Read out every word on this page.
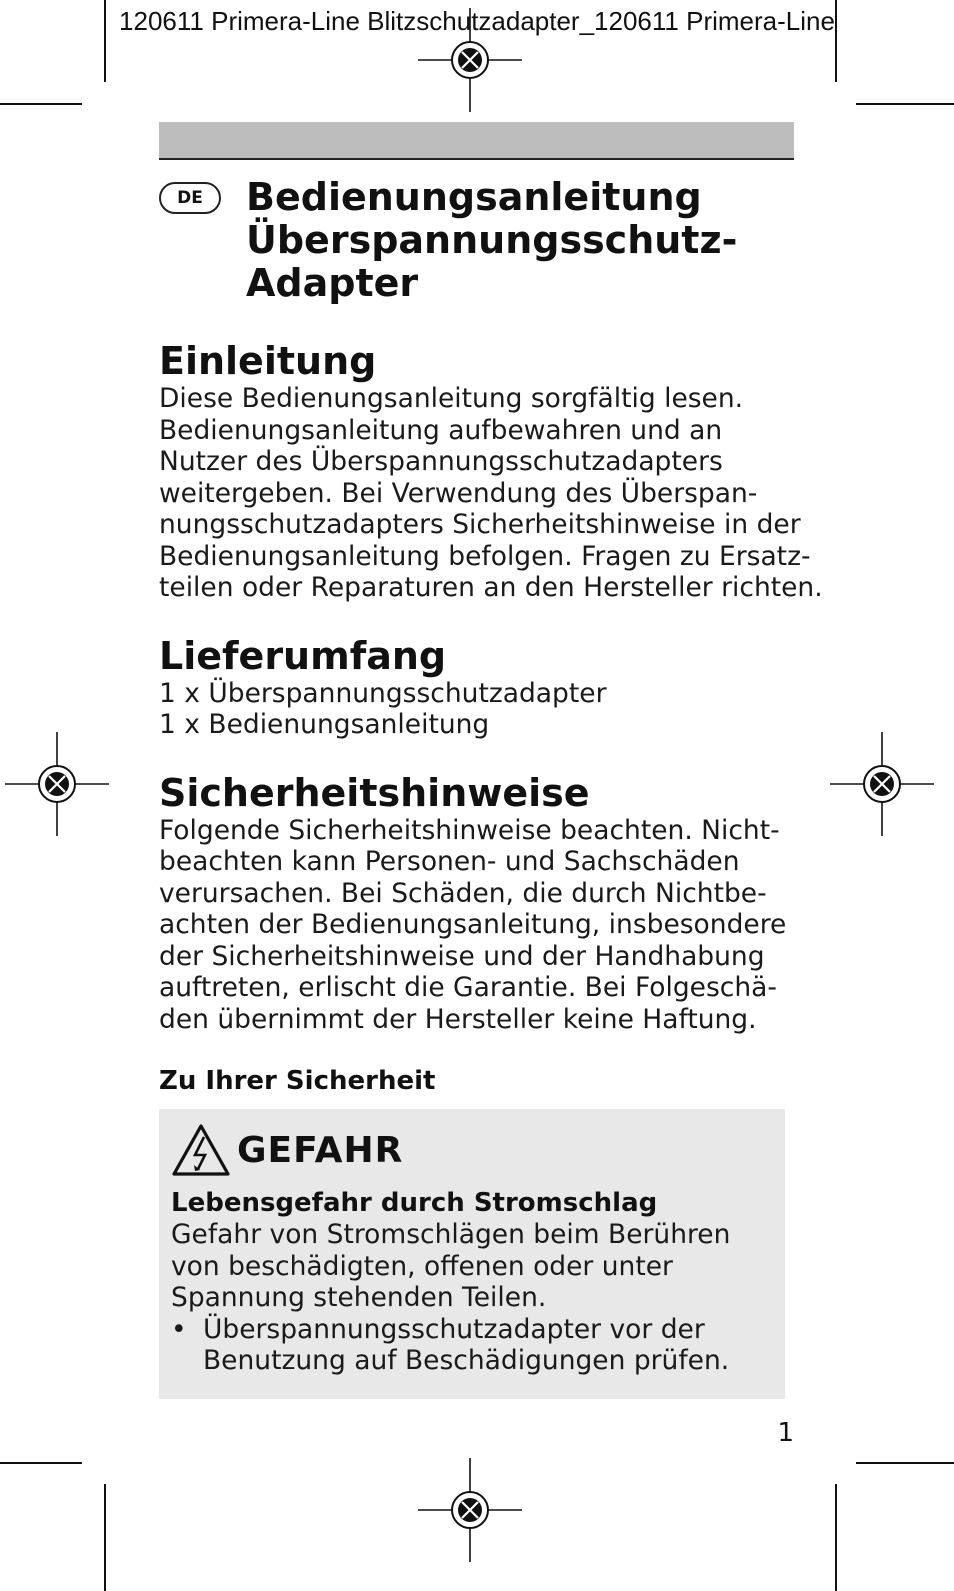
120611 Primera-Line Blitzschutzadapter_120611 Primera-Line
DE	Bedienungsanleitung
Überspannungsschutz-
Adapter
Einleitung
Diese Bedienungsanleitung sorgfältig lesen.
Bedienungsanleitung aufbewahren und an
Nutzer des Überspannungsschutzadapters
weitergeben. Bei Verwendung des Überspan-
nungsschutzadapters Sicherheitshinweise in der
Bedienungsanleitung befolgen. Fragen zu Ersatz-
teilen oder Reparaturen an den Hersteller richten.
Lieferumfang
1 x Überspannungsschutzadapter
1 x Bedienungsanleitung
Sicherheitshinweise
Folgende Sicherheitshinweise beachten. Nicht-
beachten kann Personen- und Sachschäden
verursachen. Bei Schäden, die durch Nichtbe-
achten der Bedienungsanleitung, insbesondere
der Sicherheitshinweise und der Handhabung
auftreten, erlischt die Garantie. Bei Folgeschä-
den übernimmt der Hersteller keine Haftung.
Zu Ihrer Sicherheit
GEFAHR
Lebensgefahr durch Stromschlag
Gefahr von Stromschlägen beim Berühren
von beschädigten, offenen oder unter
Spannung stehenden Teilen.
• Überspannungsschutzadapter vor der
Benutzung auf Beschädigungen prüfen.
1
